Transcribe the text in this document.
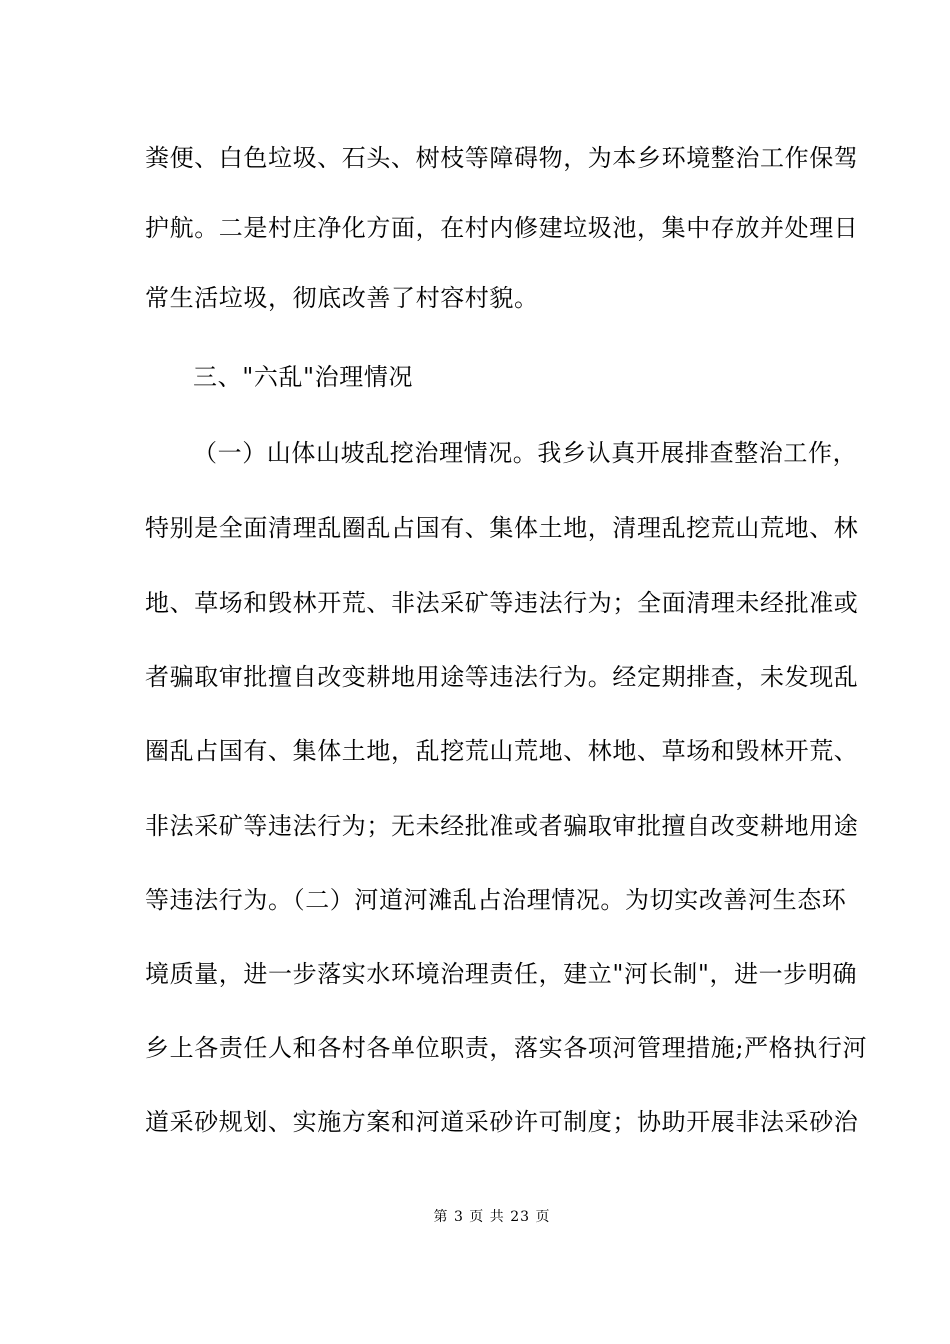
粪便、白色垃圾、石头、树枝等障碍物，为本乡环境整治工作保驾
护航。二是村庄净化方面，在村内修建垃圾池，集中存放并处理日
常生活垃圾，彻底改善了村容村貌。
三、"六乱"治理情况
（一）山体山坡乱挖治理情况。我乡认真开展排查整治工作，
特别是全面清理乱圈乱占国有、集体土地，清理乱挖荒山荒地、林
地、草场和毁林开荒、非法采矿等违法行为；全面清理未经批准或
者骗取审批擅自改变耕地用途等违法行为。经定期排查，未发现乱
圈乱占国有、集体土地，乱挖荒山荒地、林地、草场和毁林开荒、
非法采矿等违法行为；无未经批准或者骗取审批擅自改变耕地用途
等违法行为。（二）河道河滩乱占治理情况。为切实改善河生态环
境质量，进一步落实水环境治理责任，建立"河长制"，进一步明确
乡上各责任人和各村各单位职责，落实各项河管理措施;严格执行河
道采砂规划、实施方案和河道采砂许可制度；协助开展非法采砂治
第 3 页 共 23 页
